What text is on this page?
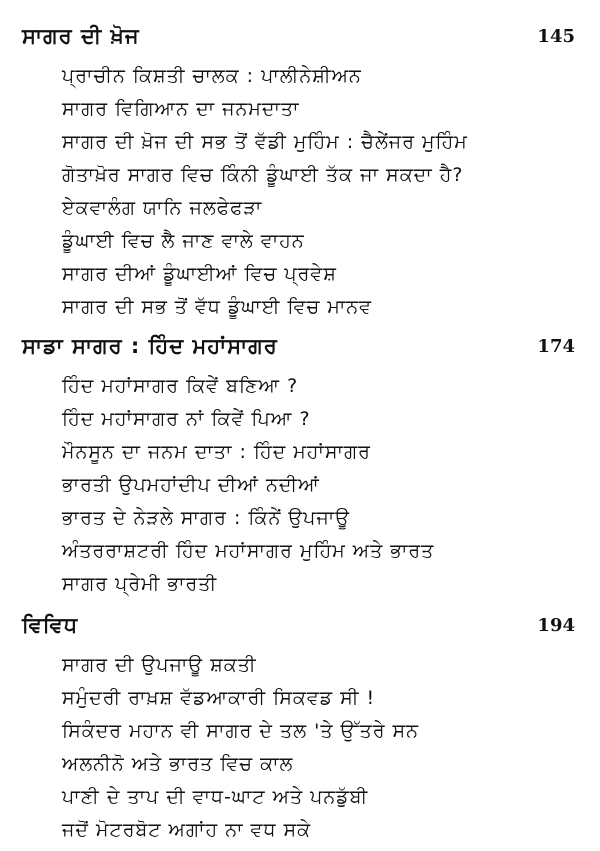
ਸਾਗਰ ਦੀ ਖ਼ੋਜ	145
ਪ੍ਰਾਚੀਨ ਕਿਸ਼ਤੀ ਚਾਲਕ : ਪਾਲੀਨੇਸ਼ੀਅਨ
ਸਾਗਰ ਵਿਗਿਆਨ ਦਾ ਜਨਮਦਾਤਾ
ਸਾਗਰ ਦੀ ਖ਼ੋਜ ਦੀ ਸਭ ਤੋਂ ਵੱਡੀ ਮੁਹਿੰਮ : ਚੈਲੇਂਜਰ ਮੁਹਿੰਮ
ਗੋਤਾਖ਼ੋਰ ਸਾਗਰ ਵਿਚ ਕਿੰਨੀ ਡੂੰਘਾਈ ਤੱਕ ਜਾ ਸਕਦਾ ਹੈ?
ਏਕਵਾਲੰਗ ਯਾਨਿ ਜਲਫੇਫੜਾ
ਡੂੰਘਾਈ ਵਿਚ ਲੈ ਜਾਣ ਵਾਲੇ ਵਾਹਨ
ਸਾਗਰ ਦੀਆਂ ਡੂੰਘਾਈਆਂ ਵਿਚ ਪ੍ਰਵੇਸ਼
ਸਾਗਰ ਦੀ ਸਭ ਤੋਂ ਵੱਧ ਡੂੰਘਾਈ ਵਿਚ ਮਾਨਵ
ਸਾਡਾ ਸਾਗਰ : ਹਿੰਦ ਮਹਾਂਸਾਗਰ	174
ਹਿੰਦ ਮਹਾਂਸਾਗਰ ਕਿਵੇਂ ਬਣਿਆ ?
ਹਿੰਦ ਮਹਾਂਸਾਗਰ ਨਾਂ ਕਿਵੇਂ ਪਿਆ ?
ਮੌਨਸੂਨ ਦਾ ਜਨਮ ਦਾਤਾ : ਹਿੰਦ ਮਹਾਂਸਾਗਰ
ਭਾਰਤੀ ਉਪਮਹਾਂਦੀਪ ਦੀਆਂ ਨਦੀਆਂ
ਭਾਰਤ ਦੇ ਨੇੜਲੇ ਸਾਗਰ : ਕਿੰਨੇਂ ਉਪਜਾਊ
ਅੰਤਰਰਾਸ਼ਟਰੀ ਹਿੰਦ ਮਹਾਂਸਾਗਰ ਮੁਹਿੰਮ ਅਤੇ ਭਾਰਤ
ਸਾਗਰ ਪ੍ਰੇਮੀ ਭਾਰਤੀ
ਵਿਵਿਧ	194
ਸਾਗਰ ਦੀ ਉਪਜਾਊ ਸ਼ਕਤੀ
ਸਮੁੰਦਰੀ ਰਾਖ਼ਸ਼ ਵੱਡਆਕਾਰੀ ਸਿਕਵਡ ਸੀ !
ਸਿਕੰਦਰ ਮਹਾਨ ਵੀ ਸਾਗਰ ਦੇ ਤਲ 'ਤੇ ਉੱਤਰੇ ਸਨ
ਅਲਨੀਨੋ ਅਤੇ ਭਾਰਤ ਵਿਚ ਕਾਲ
ਪਾਣੀ ਦੇ ਤਾਪ ਦੀ ਵਾਧ-ਘਾਟ ਅਤੇ ਪਨਡੁੱਬੀ
ਜਦੋਂ ਮੋਟਰਬੋਟ ਅਗਾਂਹ ਨਾ ਵਧ ਸਕੇ
